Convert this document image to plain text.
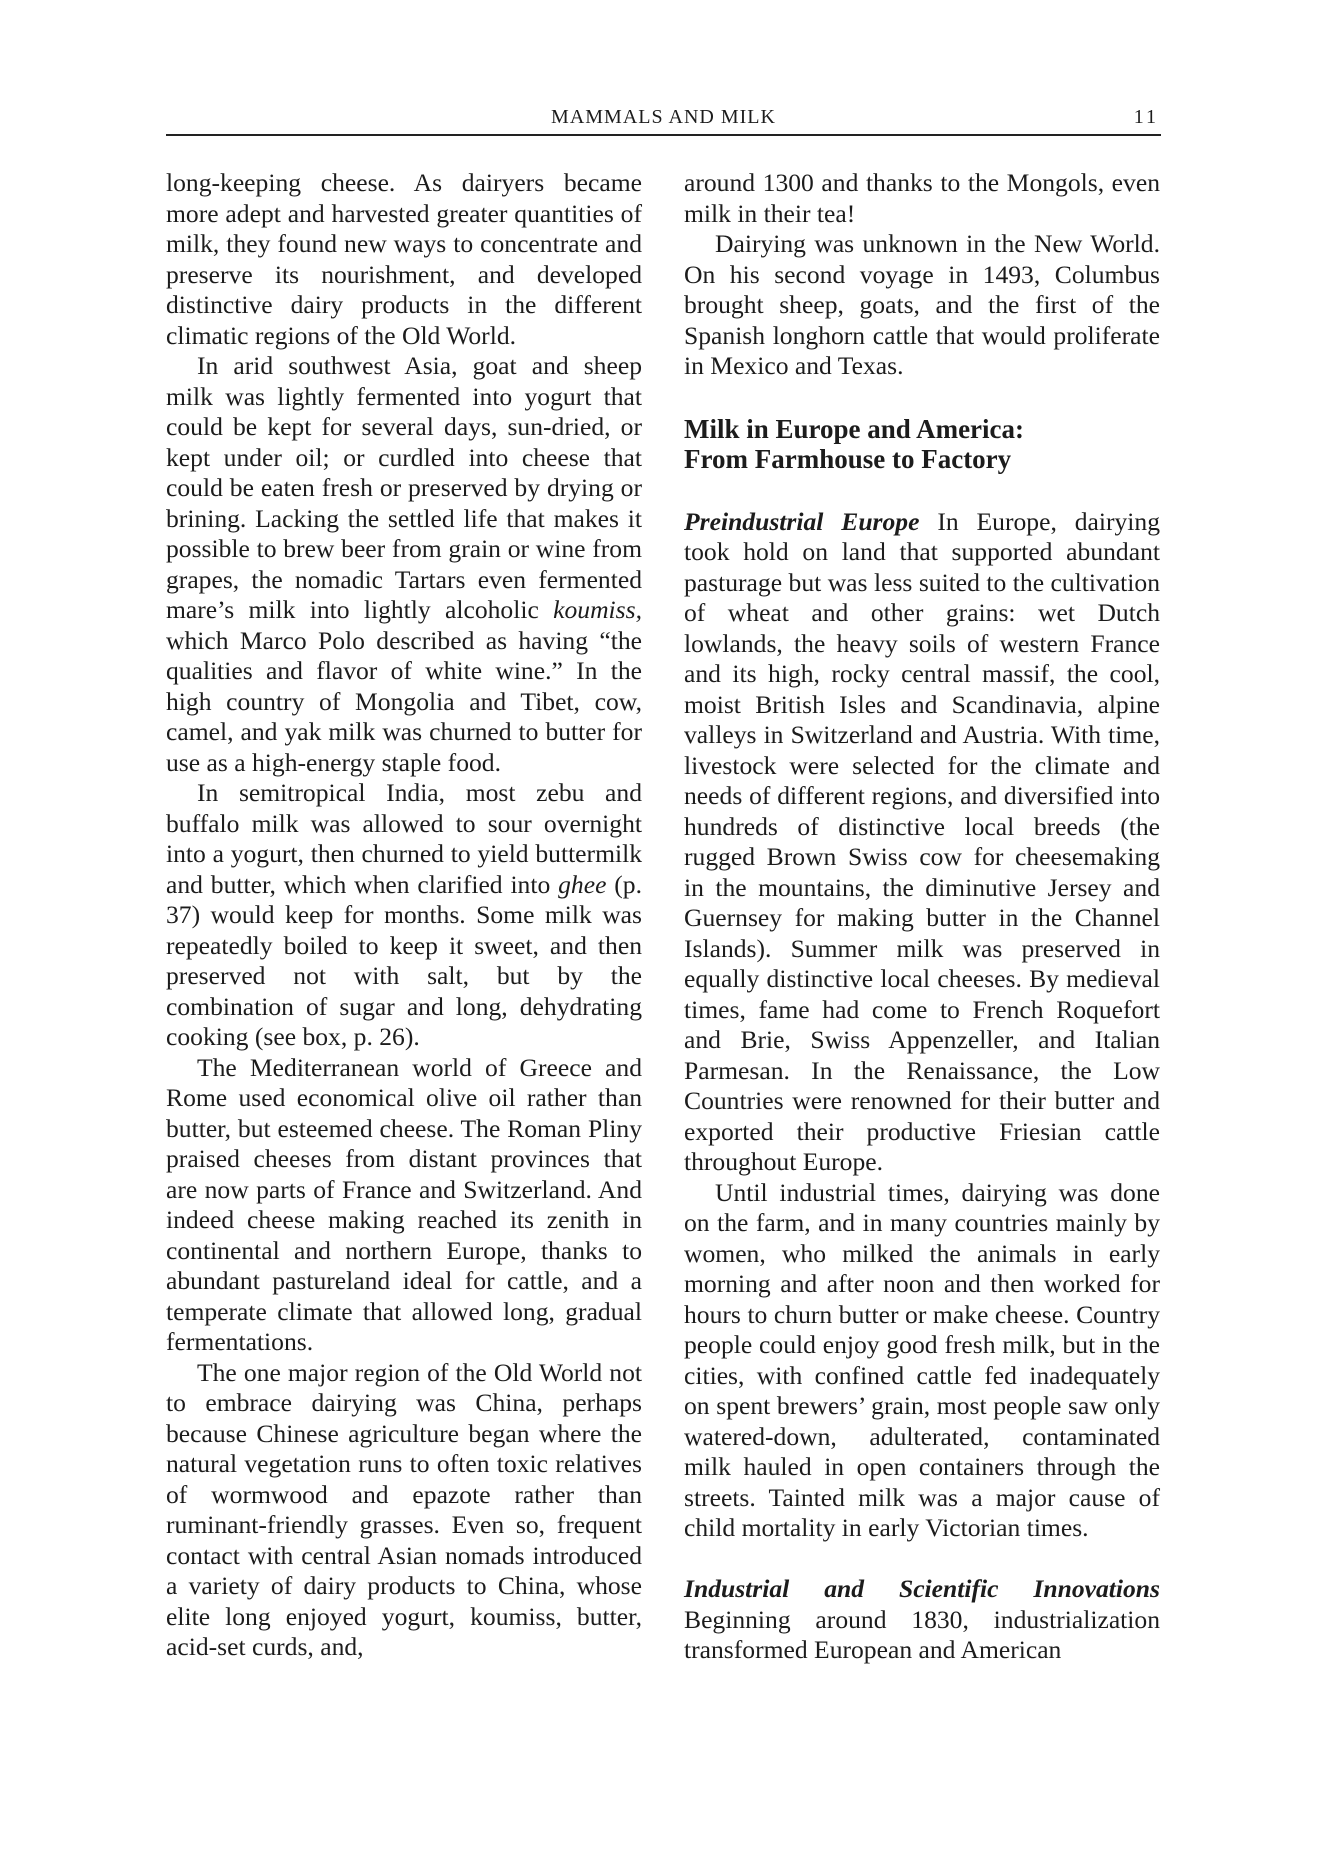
MAMMALS AND MILK	11

long-keeping cheese. As dairyers became more adept and harvested greater quantities of milk, they found new ways to concentrate and preserve its nourishment, and developed distinctive dairy products in the different climatic regions of the Old World.

In arid southwest Asia, goat and sheep milk was lightly fermented into yogurt that could be kept for several days, sun-dried, or kept under oil; or curdled into cheese that could be eaten fresh or preserved by drying or brining. Lacking the settled life that makes it possible to brew beer from grain or wine from grapes, the nomadic Tartars even fermented mare’s milk into lightly alcoholic koumiss, which Marco Polo described as having “the qualities and flavor of white wine.” In the high country of Mongolia and Tibet, cow, camel, and yak milk was churned to butter for use as a high-energy staple food.

In semitropical India, most zebu and buffalo milk was allowed to sour overnight into a yogurt, then churned to yield buttermilk and butter, which when clarified into ghee (p. 37) would keep for months. Some milk was repeatedly boiled to keep it sweet, and then preserved not with salt, but by the combination of sugar and long, dehydrating cooking (see box, p. 26).

The Mediterranean world of Greece and Rome used economical olive oil rather than butter, but esteemed cheese. The Roman Pliny praised cheeses from distant provinces that are now parts of France and Switzerland. And indeed cheese making reached its zenith in continental and northern Europe, thanks to abundant pastureland ideal for cattle, and a temperate climate that allowed long, gradual fermentations.

The one major region of the Old World not to embrace dairying was China, perhaps because Chinese agriculture began where the natural vegetation runs to often toxic relatives of wormwood and epazote rather than ruminant-friendly grasses. Even so, frequent contact with central Asian nomads introduced a variety of dairy products to China, whose elite long enjoyed yogurt, koumiss, butter, acid-set curds, and,

around 1300 and thanks to the Mongols, even milk in their tea!

Dairying was unknown in the New World. On his second voyage in 1493, Columbus brought sheep, goats, and the first of the Spanish longhorn cattle that would proliferate in Mexico and Texas.

Milk in Europe and America:
From Farmhouse to Factory

Preindustrial Europe In Europe, dairying took hold on land that supported abundant pasturage but was less suited to the cultivation of wheat and other grains: wet Dutch lowlands, the heavy soils of western France and its high, rocky central massif, the cool, moist British Isles and Scandinavia, alpine valleys in Switzerland and Austria. With time, livestock were selected for the climate and needs of different regions, and diversified into hundreds of distinctive local breeds (the rugged Brown Swiss cow for cheesemaking in the mountains, the diminutive Jersey and Guernsey for making butter in the Channel Islands). Summer milk was preserved in equally distinctive local cheeses. By medieval times, fame had come to French Roquefort and Brie, Swiss Appenzeller, and Italian Parmesan. In the Renaissance, the Low Countries were renowned for their butter and exported their productive Friesian cattle throughout Europe.

Until industrial times, dairying was done on the farm, and in many countries mainly by women, who milked the animals in early morning and after noon and then worked for hours to churn butter or make cheese. Country people could enjoy good fresh milk, but in the cities, with confined cattle fed inadequately on spent brewers’ grain, most people saw only watered-down, adulterated, contaminated milk hauled in open containers through the streets. Tainted milk was a major cause of child mortality in early Victorian times.

Industrial and Scientific Innovations Beginning around 1830, industrialization transformed European and American
